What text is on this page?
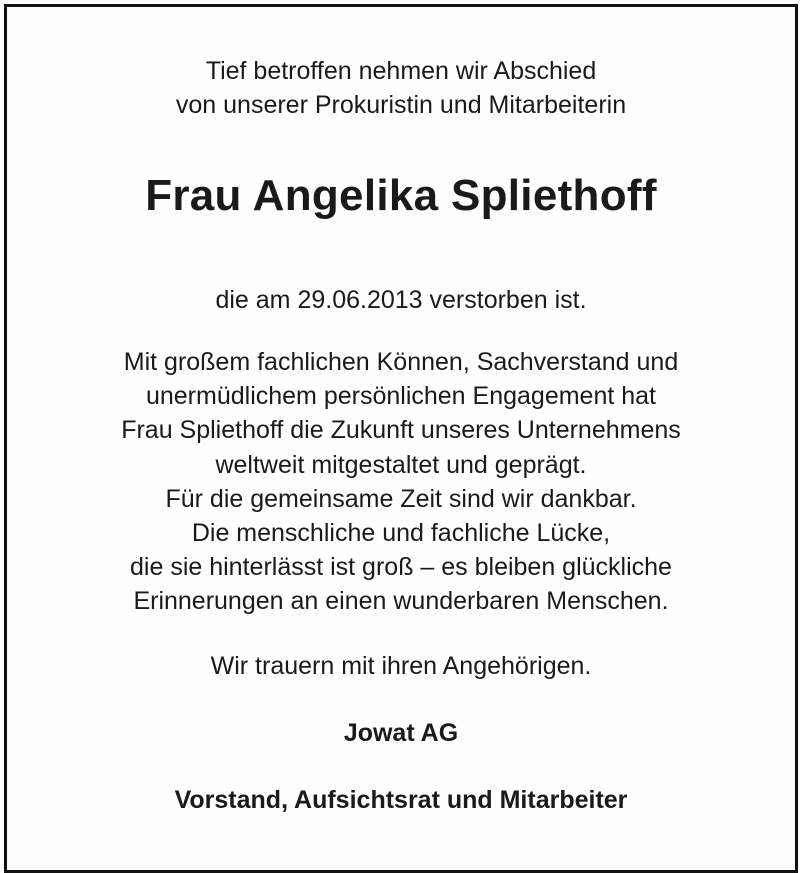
Tief betroffen nehmen wir Abschied
von unserer Prokuristin und Mitarbeiterin
Frau Angelika Spliethoff
die am 29.06.2013 verstorben ist.
Mit großem fachlichen Können, Sachverstand und
unermüdlichem persönlichen Engagement hat
Frau Spliethoff die Zukunft unseres Unternehmens
weltweit mitgestaltet und geprägt.
Für die gemeinsame Zeit sind wir dankbar.
Die menschliche und fachliche Lücke,
die sie hinterlässt ist groß – es bleiben glückliche
Erinnerungen an einen wunderbaren Menschen.
Wir trauern mit ihren Angehörigen.
Jowat AG
Vorstand, Aufsichtsrat und Mitarbeiter
